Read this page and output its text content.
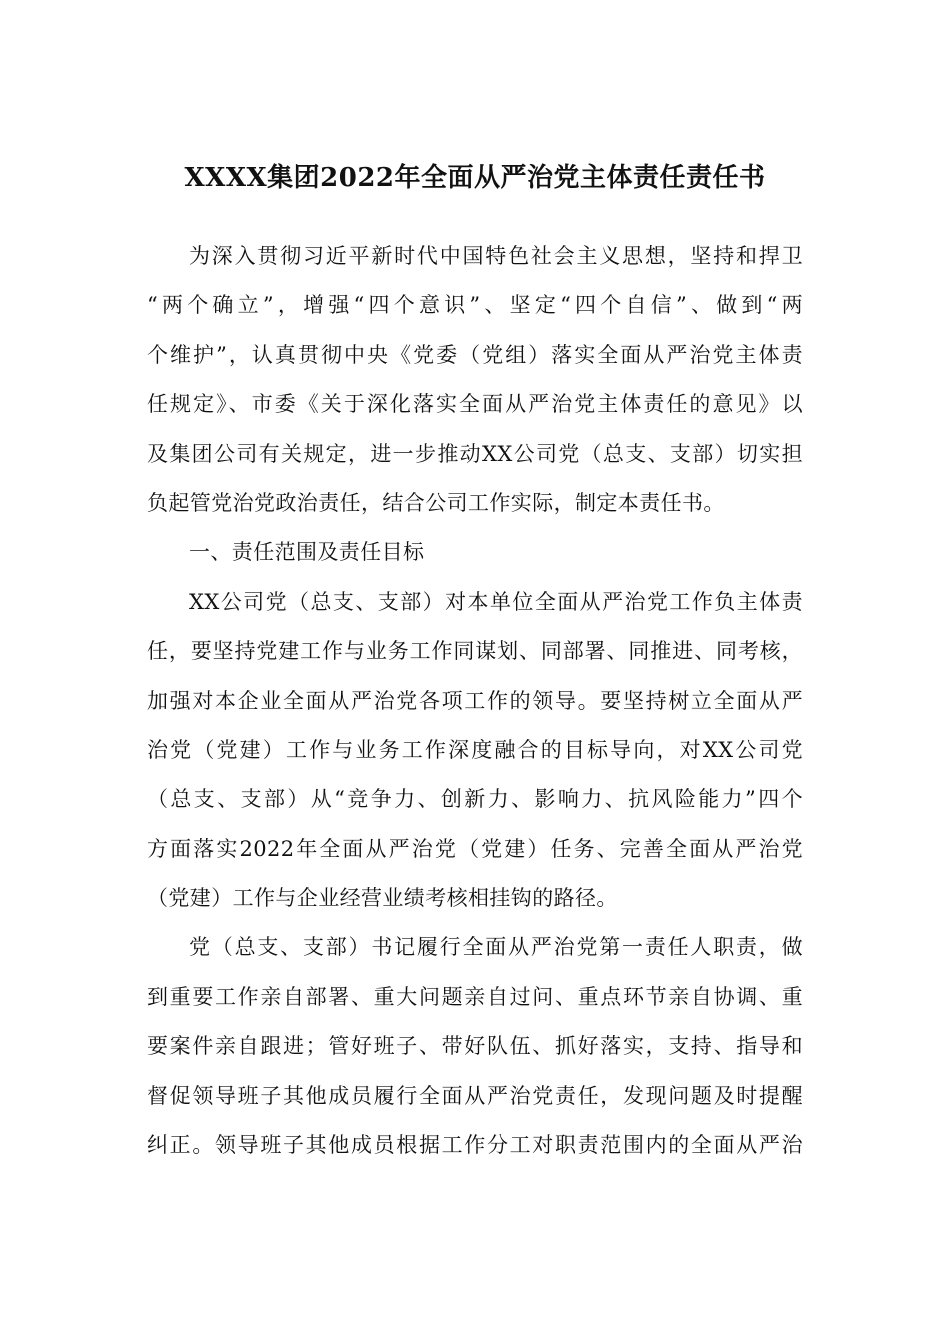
XXXX集团2022年全面从严治党主体责任责任书
为深入贯彻习近平新时代中国特色社会主义思想，坚持和捍卫
“两个确立”，增强“四个意识”、坚定“四个自信”、做到“两
个维护”，认真贯彻中央《党委（党组）落实全面从严治党主体责
任规定》、市委《关于深化落实全面从严治党主体责任的意见》以
及集团公司有关规定，进一步推动XX公司党（总支、支部）切实担
负起管党治党政治责任，结合公司工作实际，制定本责任书。
一、责任范围及责任目标
XX公司党（总支、支部）对本单位全面从严治党工作负主体责
任，要坚持党建工作与业务工作同谋划、同部署、同推进、同考核，
加强对本企业全面从严治党各项工作的领导。要坚持树立全面从严
治党（党建）工作与业务工作深度融合的目标导向，对XX公司党
（总支、支部）从“竞争力、创新力、影响力、抗风险能力”四个
方面落实2022年全面从严治党（党建）任务、完善全面从严治党
（党建）工作与企业经营业绩考核相挂钩的路径。
党（总支、支部）书记履行全面从严治党第一责任人职责，做
到重要工作亲自部署、重大问题亲自过问、重点环节亲自协调、重
要案件亲自跟进；管好班子、带好队伍、抓好落实，支持、指导和
督促领导班子其他成员履行全面从严治党责任，发现问题及时提醒
纠正。领导班子其他成员根据工作分工对职责范围内的全面从严治
